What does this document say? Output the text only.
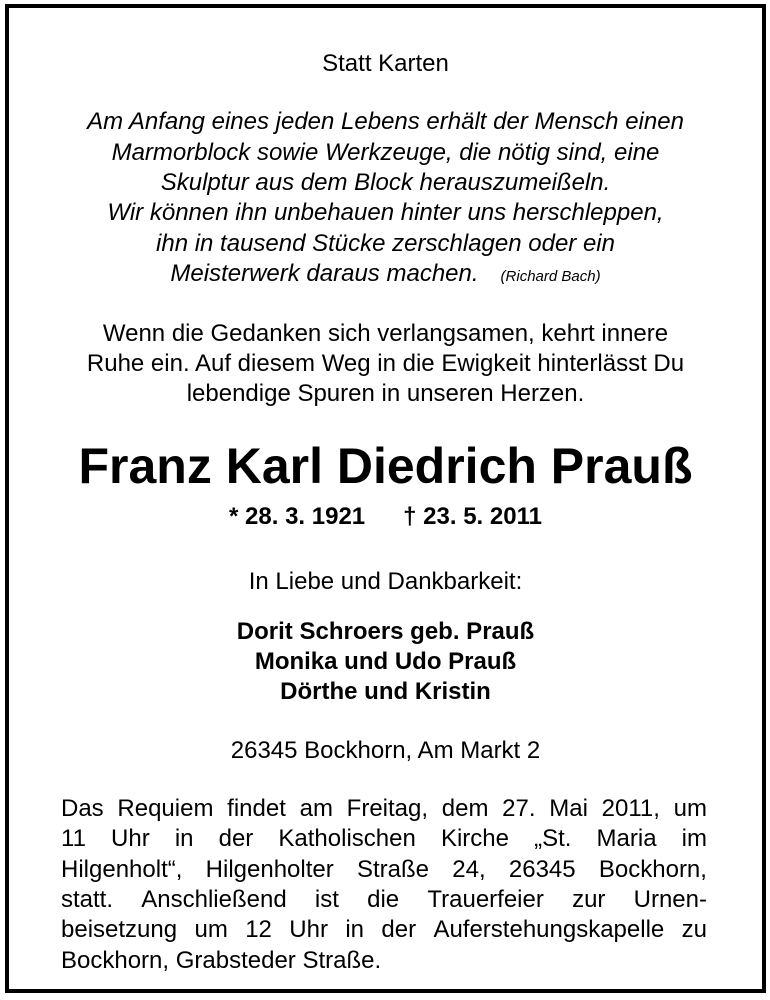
Statt Karten
Am Anfang eines jeden Lebens erhält der Mensch einen
Marmorblock sowie Werkzeuge, die nötig sind, eine
Skulptur aus dem Block herauszumeißeln.
Wir können ihn unbehauen hinter uns herschleppen,
ihn in tausend Stücke zerschlagen oder ein
Meisterwerk daraus machen. (Richard Bach)
Wenn die Gedanken sich verlangsamen, kehrt innere
Ruhe ein. Auf diesem Weg in die Ewigkeit hinterlässt Du
lebendige Spuren in unseren Herzen.
Franz Karl Diedrich Prauß
* 28. 3. 1921 † 23. 5. 2011
In Liebe und Dankbarkeit:
Dorit Schroers geb. Prauß
Monika und Udo Prauß
Dörthe und Kristin
26345 Bockhorn, Am Markt 2
Das Requiem findet am Freitag, dem 27. Mai 2011, um
11 Uhr in der Katholischen Kirche „St. Maria im
Hilgenholt“, Hilgenholter Straße 24, 26345 Bockhorn,
statt. Anschließend ist die Trauerfeier zur Urnen-
beisetzung um 12 Uhr in der Auferstehungskapelle zu
Bockhorn, Grabsteder Straße.
